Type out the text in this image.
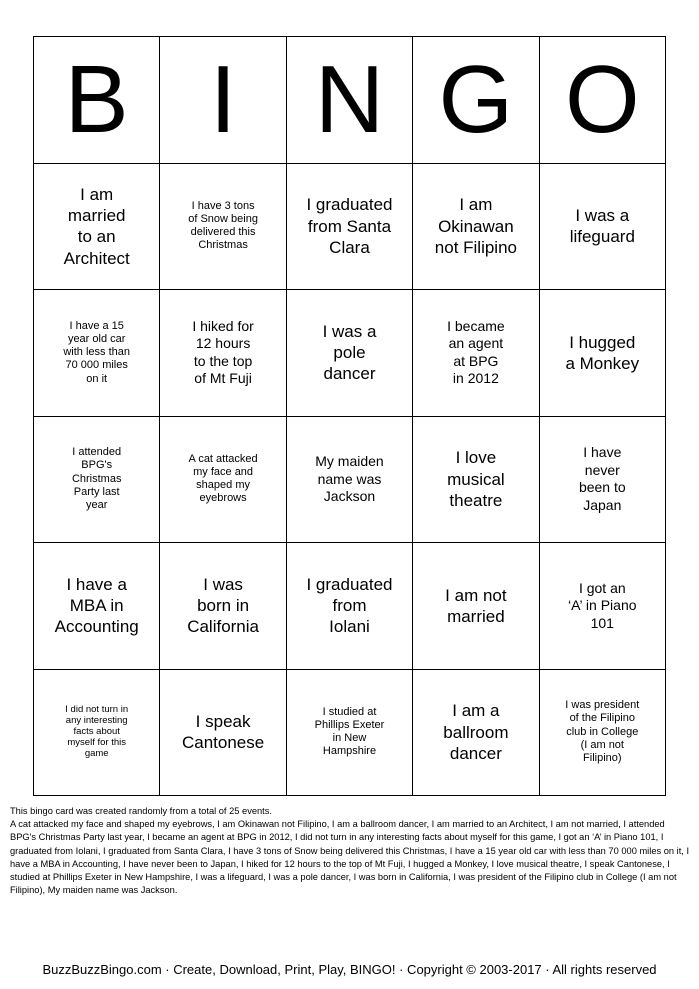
B I N G O
I am
married
to an
Architect
I have 3 tons
of Snow being
delivered this
Christmas
I graduated
from Santa
Clara
I am
Okinawan
not Filipino
I was a
lifeguard
I have a 15
year old car
with less than
70 000 miles
on it
I hiked for
12 hours
to the top
of Mt Fuji
I was a
pole
dancer
I became
an agent
at BPG
in 2012
I hugged
a Monkey
I attended
BPG's
Christmas
Party last
year
A cat attacked
my face and
shaped my
eyebrows
My maiden
name was
Jackson
I love
musical
theatre
I have
never
been to
Japan
I have a
MBA in
Accounting
I was
born in
California
I graduated
from
Iolani
I am not
married
I got an
‘A’ in Piano
101
I did not turn in
any interesting
facts about
myself for this
game
I speak
Cantonese
I studied at
Phillips Exeter
in New
Hampshire
I am a
ballroom
dancer
I was president
of the Filipino
club in College
(I am not
Filipino)

This bingo card was created randomly from a total of 25 events.

A cat attacked my face and shaped my eyebrows, I am Okinawan not Filipino, I am a ballroom dancer, I am married to an Architect, I am not married, I attended BPG's Christmas Party last year, I became an agent at BPG in 2012, I did not turn in any interesting facts about myself for this game, I got an ‘A’ in Piano 101, I graduated from Iolani, I graduated from Santa Clara, I have 3 tons of Snow being delivered this Christmas, I have a 15 year old car with less than 70 000 miles on it, I have a MBA in Accounting, I have never been to Japan, I hiked for 12 hours to the top of Mt Fuji, I hugged a Monkey, I love musical theatre, I speak Cantonese, I studied at Phillips Exeter in New Hampshire, I was a lifeguard, I was a pole dancer, I was born in California, I was president of the Filipino club in College (I am not Filipino), My maiden name was Jackson.

BuzzBuzzBingo.com · Create, Download, Print, Play, BINGO! · Copyright © 2003-2017 · All rights reserved
